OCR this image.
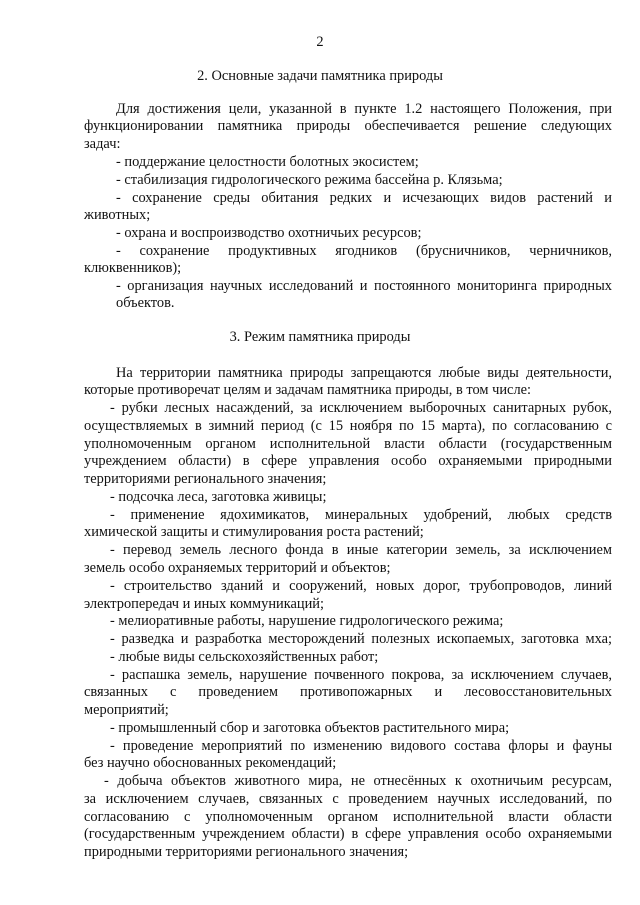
2
2. Основные задачи памятника природы
Для достижения цели, указанной в пункте 1.2 настоящего Положения, при
функционировании памятника природы обеспечивается решение следующих
задач:
- поддержание целостности болотных экосистем;
- стабилизация гидрологического режима бассейна р. Клязьма;
- сохранение среды обитания редких и исчезающих видов растений и
животных;
- охрана и воспроизводство охотничьих ресурсов;
- сохранение продуктивных ягодников (брусничников, черничников,
клюквенников);
- организация научных исследований и постоянного мониторинга природных
объектов.
3. Режим памятника природы
На территории памятника природы запрещаются любые виды деятельности,
которые противоречат целям и задачам памятника природы, в том числе:
- рубки лесных насаждений, за исключением выборочных санитарных рубок,
осуществляемых в зимний период (с 15 ноября по 15 марта), по согласованию с
уполномоченным органом исполнительной власти области (государственным
учреждением области) в сфере управления особо охраняемыми природными
территориями регионального значения;
- подсочка леса, заготовка живицы;
- применение ядохимикатов, минеральных удобрений, любых средств
химической защиты и стимулирования роста растений;
- перевод земель лесного фонда в иные категории земель, за исключением
земель особо охраняемых территорий и объектов;
- строительство зданий и сооружений, новых дорог, трубопроводов, линий
электропередач и иных коммуникаций;
- мелиоративные работы, нарушение гидрологического режима;
- разведка и разработка месторождений полезных ископаемых, заготовка мха;
- любые виды сельскохозяйственных работ;
- распашка земель, нарушение почвенного покрова, за исключением случаев,
связанных с проведением противопожарных и лесовосстановительных
мероприятий;
- промышленный сбор и заготовка объектов растительного мира;
- проведение мероприятий по изменению видового состава флоры и фауны
без научно обоснованных рекомендаций;
- добыча объектов животного мира, не отнесённых к охотничьим ресурсам,
за исключением случаев, связанных с проведением научных исследований, по
согласованию с уполномоченным органом исполнительной власти области
(государственным учреждением области) в сфере управления особо охраняемыми
природными территориями регионального значения;
